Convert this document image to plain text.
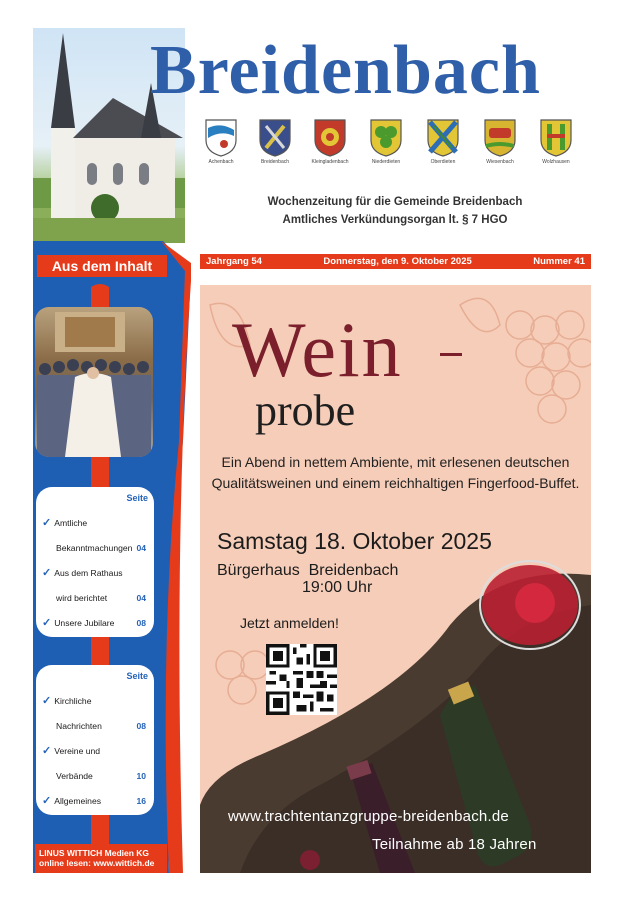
Breidenbach
Achenbach	Breidenbach	Kleingladenbach	Niederdieten	Oberdieten	Wiesenbach	Wolzhausen
Wochenzeitung für die Gemeinde Breidenbach
Amtliches Verkündungsorgan lt. § 7 HGO
Jahrgang 54	Donnerstag, den 9. Oktober 2025	Nummer 41
Aus dem Inhalt
Seite
✓ Amtliche
Bekanntmachungen 04
✓ Aus dem Rathaus
wird berichtet	04
✓ Unsere Jubilare	08
Seite
✓ Kirchliche
Nachrichten	08
✓ Vereine und
Verbände	10
✓ Allgemeines	16
LINUS WITTICH Medien KG
online lesen: www.wittich.de
Wein
probe
Ein Abend in nettem Ambiente, mit erlesenen deutschen Qualitätsweinen und einem reichhaltigen Fingerfood-Buffet.
Samstag 18. Oktober 2025
Bürgerhaus  Breidenbach
19:00 Uhr
Jetzt anmelden!
www.trachtentanzgruppe-breidenbach.de
Teilnahme ab 18 Jahren
